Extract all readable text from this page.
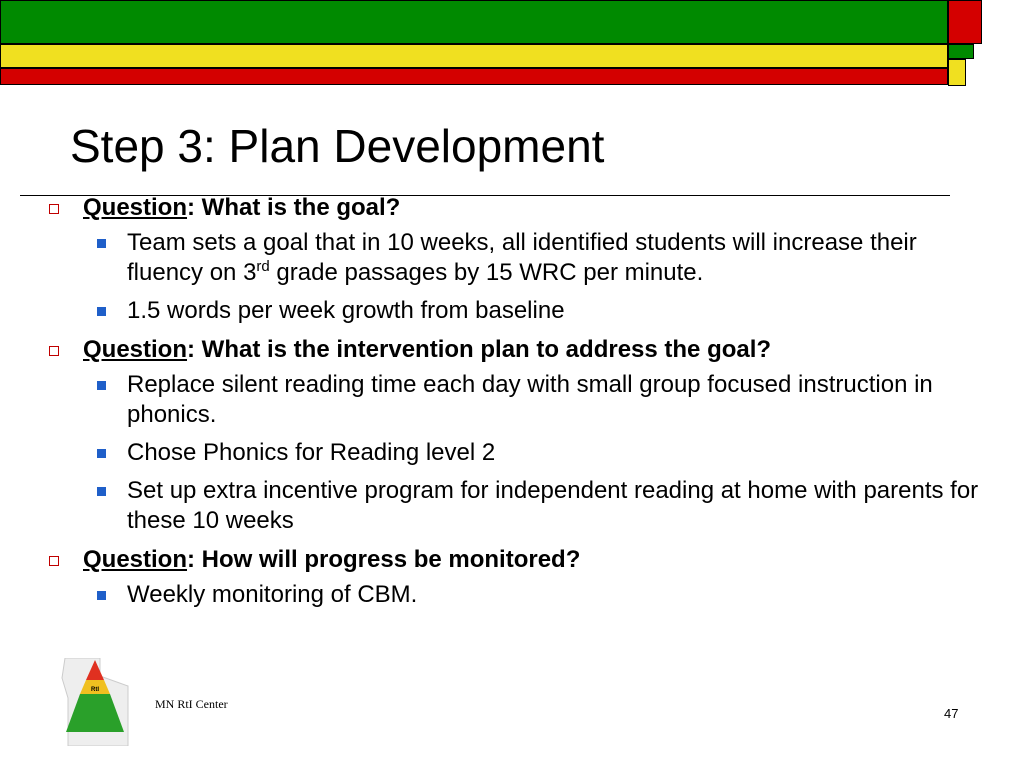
Step 3: Plan Development
Question: What is the goal?
Team sets a goal that in 10 weeks, all identified students will increase their fluency on 3rd grade passages by 15 WRC per minute.
1.5 words per week growth from baseline
Question: What is the intervention plan to address the goal?
Replace silent reading time each day with small group focused instruction in phonics.
Chose Phonics for Reading level 2
Set up extra incentive program for independent reading at home with parents for these 10 weeks
Question: How will progress be monitored?
Weekly monitoring of CBM.
RtI
MN RtI Center
47
